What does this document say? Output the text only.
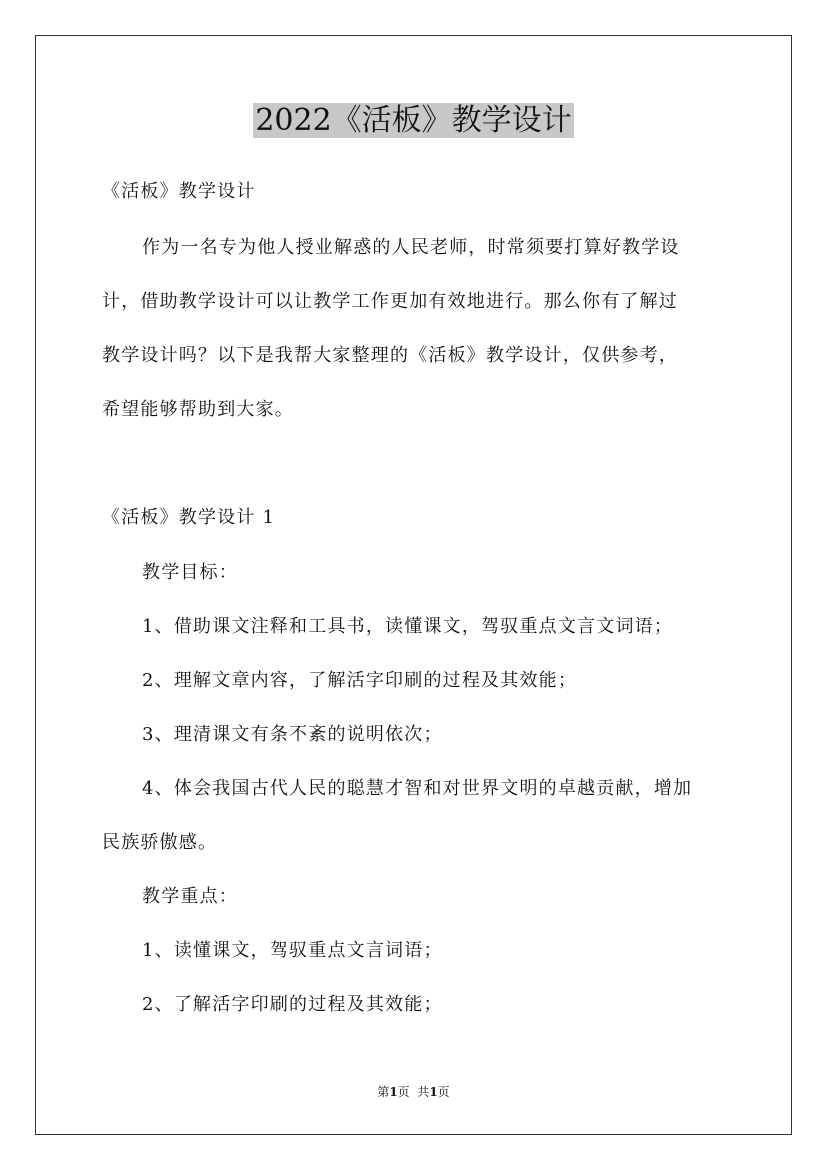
2022《活板》教学设计
《活板》教学设计
作为一名专为他人授业解惑的人民老师，时常须要打算好教学设
计，借助教学设计可以让教学工作更加有效地进行。那么你有了解过
教学设计吗？以下是我帮大家整理的《活板》教学设计，仅供参考，
希望能够帮助到大家。
《活板》教学设计 1
教学目标：
1、借助课文注释和工具书，读懂课文，驾驭重点文言文词语；
2、理解文章内容，了解活字印刷的过程及其效能；
3、理清课文有条不紊的说明依次；
4、体会我国古代人民的聪慧才智和对世界文明的卓越贡献，增加
民族骄傲感。
教学重点：
1、读懂课文，驾驭重点文言词语；
2、了解活字印刷的过程及其效能；
第1页  共1页
